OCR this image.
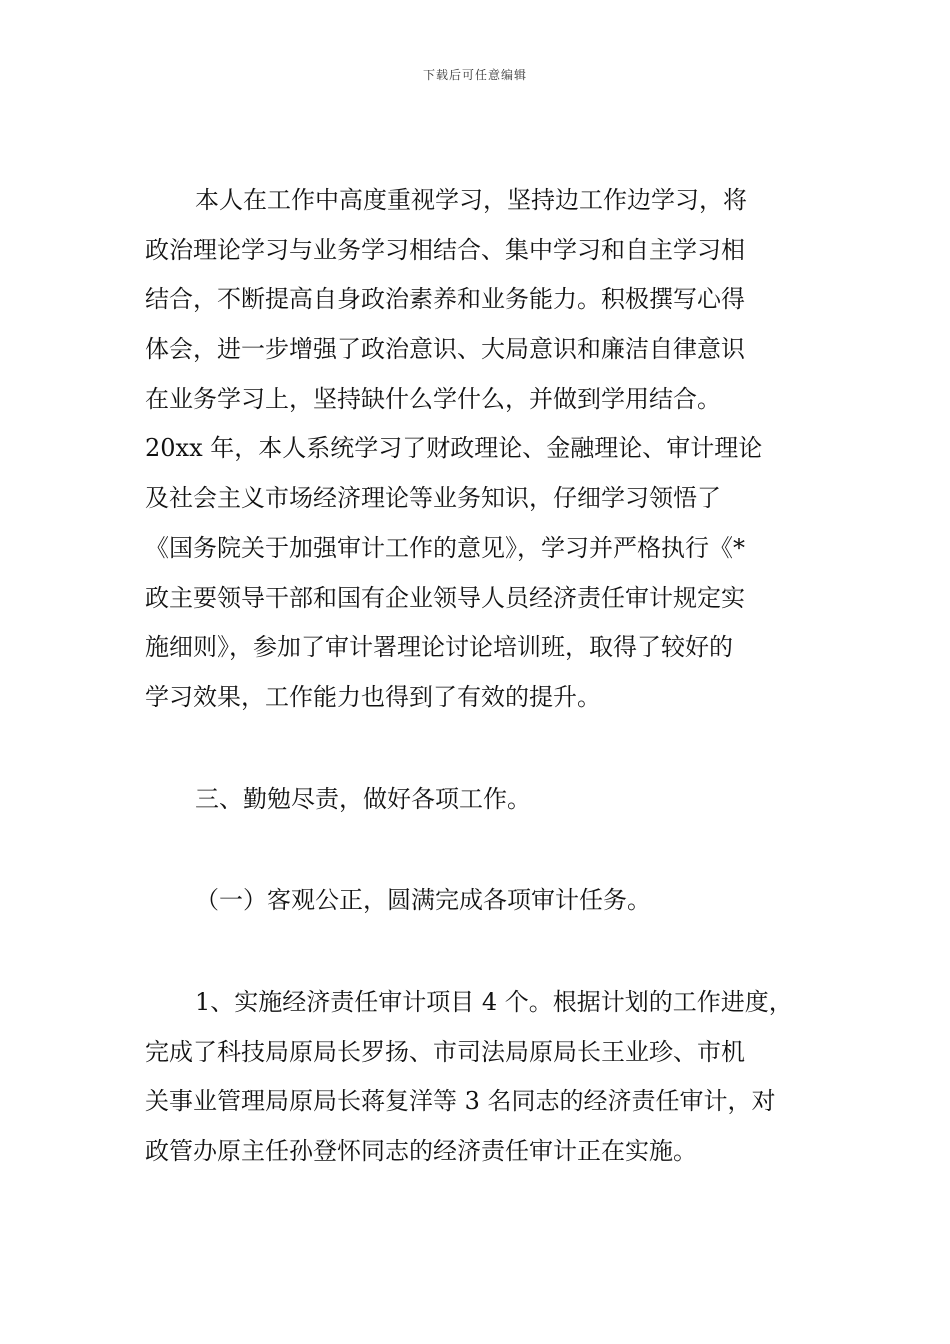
下载后可任意编辑
本人在工作中高度重视学习，坚持边工作边学习，将
政治理论学习与业务学习相结合、集中学习和自主学习相
结合，不断提高自身政治素养和业务能力。积极撰写心得
体会，进一步增强了政治意识、大局意识和廉洁自律意识
在业务学习上，坚持缺什么学什么，并做到学用结合。
20xx 年，本人系统学习了财政理论、金融理论、审计理论
及社会主义市场经济理论等业务知识，仔细学习领悟了
《国务院关于加强审计工作的意见》，学习并严格执行《*
政主要领导干部和国有企业领导人员经济责任审计规定实
施细则》，参加了审计署理论讨论培训班，取得了较好的
学习效果，工作能力也得到了有效的提升。
三、勤勉尽责，做好各项工作。
（一）客观公正，圆满完成各项审计任务。
1、实施经济责任审计项目 4 个。根据计划的工作进度，
完成了科技局原局长罗扬、市司法局原局长王业珍、市机
关事业管理局原局长蒋复洋等 3 名同志的经济责任审计，对
政管办原主任孙登怀同志的经济责任审计正在实施。
